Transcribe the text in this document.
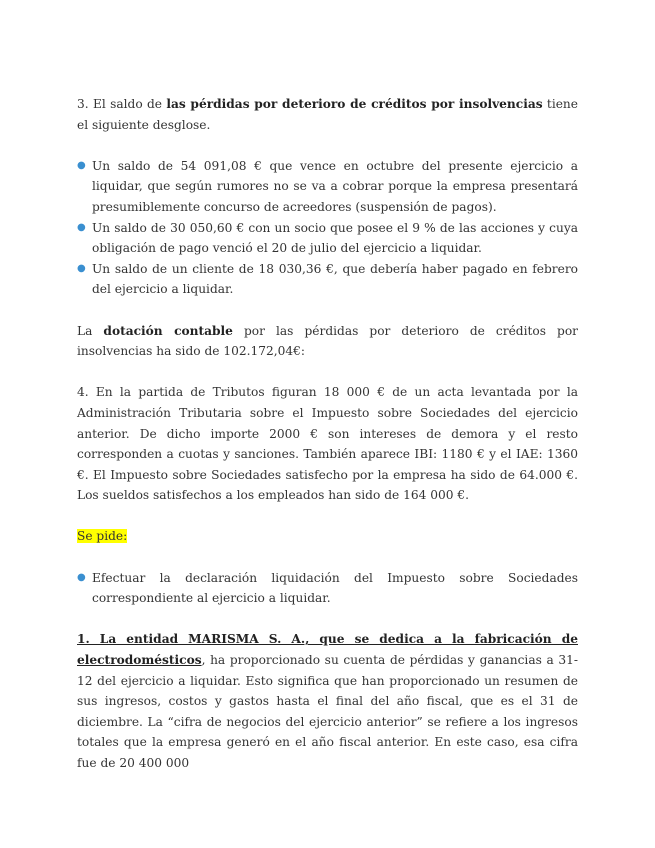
3. El saldo de las pérdidas por deterioro de créditos por insolvencias tiene el siguiente desglose.

● Un saldo de 54 091,08 € que vence en octubre del presente ejercicio a liquidar, que según rumores no se va a cobrar porque la empresa presentará presumiblemente concurso de acreedores (suspensión de pagos).
● Un saldo de 30 050,60 € con un socio que posee el 9 % de las acciones y cuya obligación de pago venció el 20 de julio del ejercicio a liquidar.
● Un saldo de un cliente de 18 030,36 €, que debería haber pagado en febrero del ejercicio a liquidar.

La dotación contable por las pérdidas por deterioro de créditos por insolvencias ha sido de 102.172,04€:

4. En la partida de Tributos figuran 18 000 € de un acta levantada por la Administración Tributaria sobre el Impuesto sobre Sociedades del ejercicio anterior. De dicho importe 2000 € son intereses de demora y el resto corresponden a cuotas y sanciones. También aparece IBI: 1180 € y el IAE: 1360 €. El Impuesto sobre Sociedades satisfecho por la empresa ha sido de 64.000 €. Los sueldos satisfechos a los empleados han sido de 164 000 €.

Se pide:

● Efectuar la declaración liquidación del Impuesto sobre Sociedades correspondiente al ejercicio a liquidar.

1. La entidad MARISMA S. A., que se dedica a la fabricación de electrodomésticos, ha proporcionado su cuenta de pérdidas y ganancias a 31-12 del ejercicio a liquidar. Esto significa que han proporcionado un resumen de sus ingresos, costos y gastos hasta el final del año fiscal, que es el 31 de diciembre. La “cifra de negocios del ejercicio anterior” se refiere a los ingresos totales que la empresa generó en el año fiscal anterior. En este caso, esa cifra fue de 20 400 000
